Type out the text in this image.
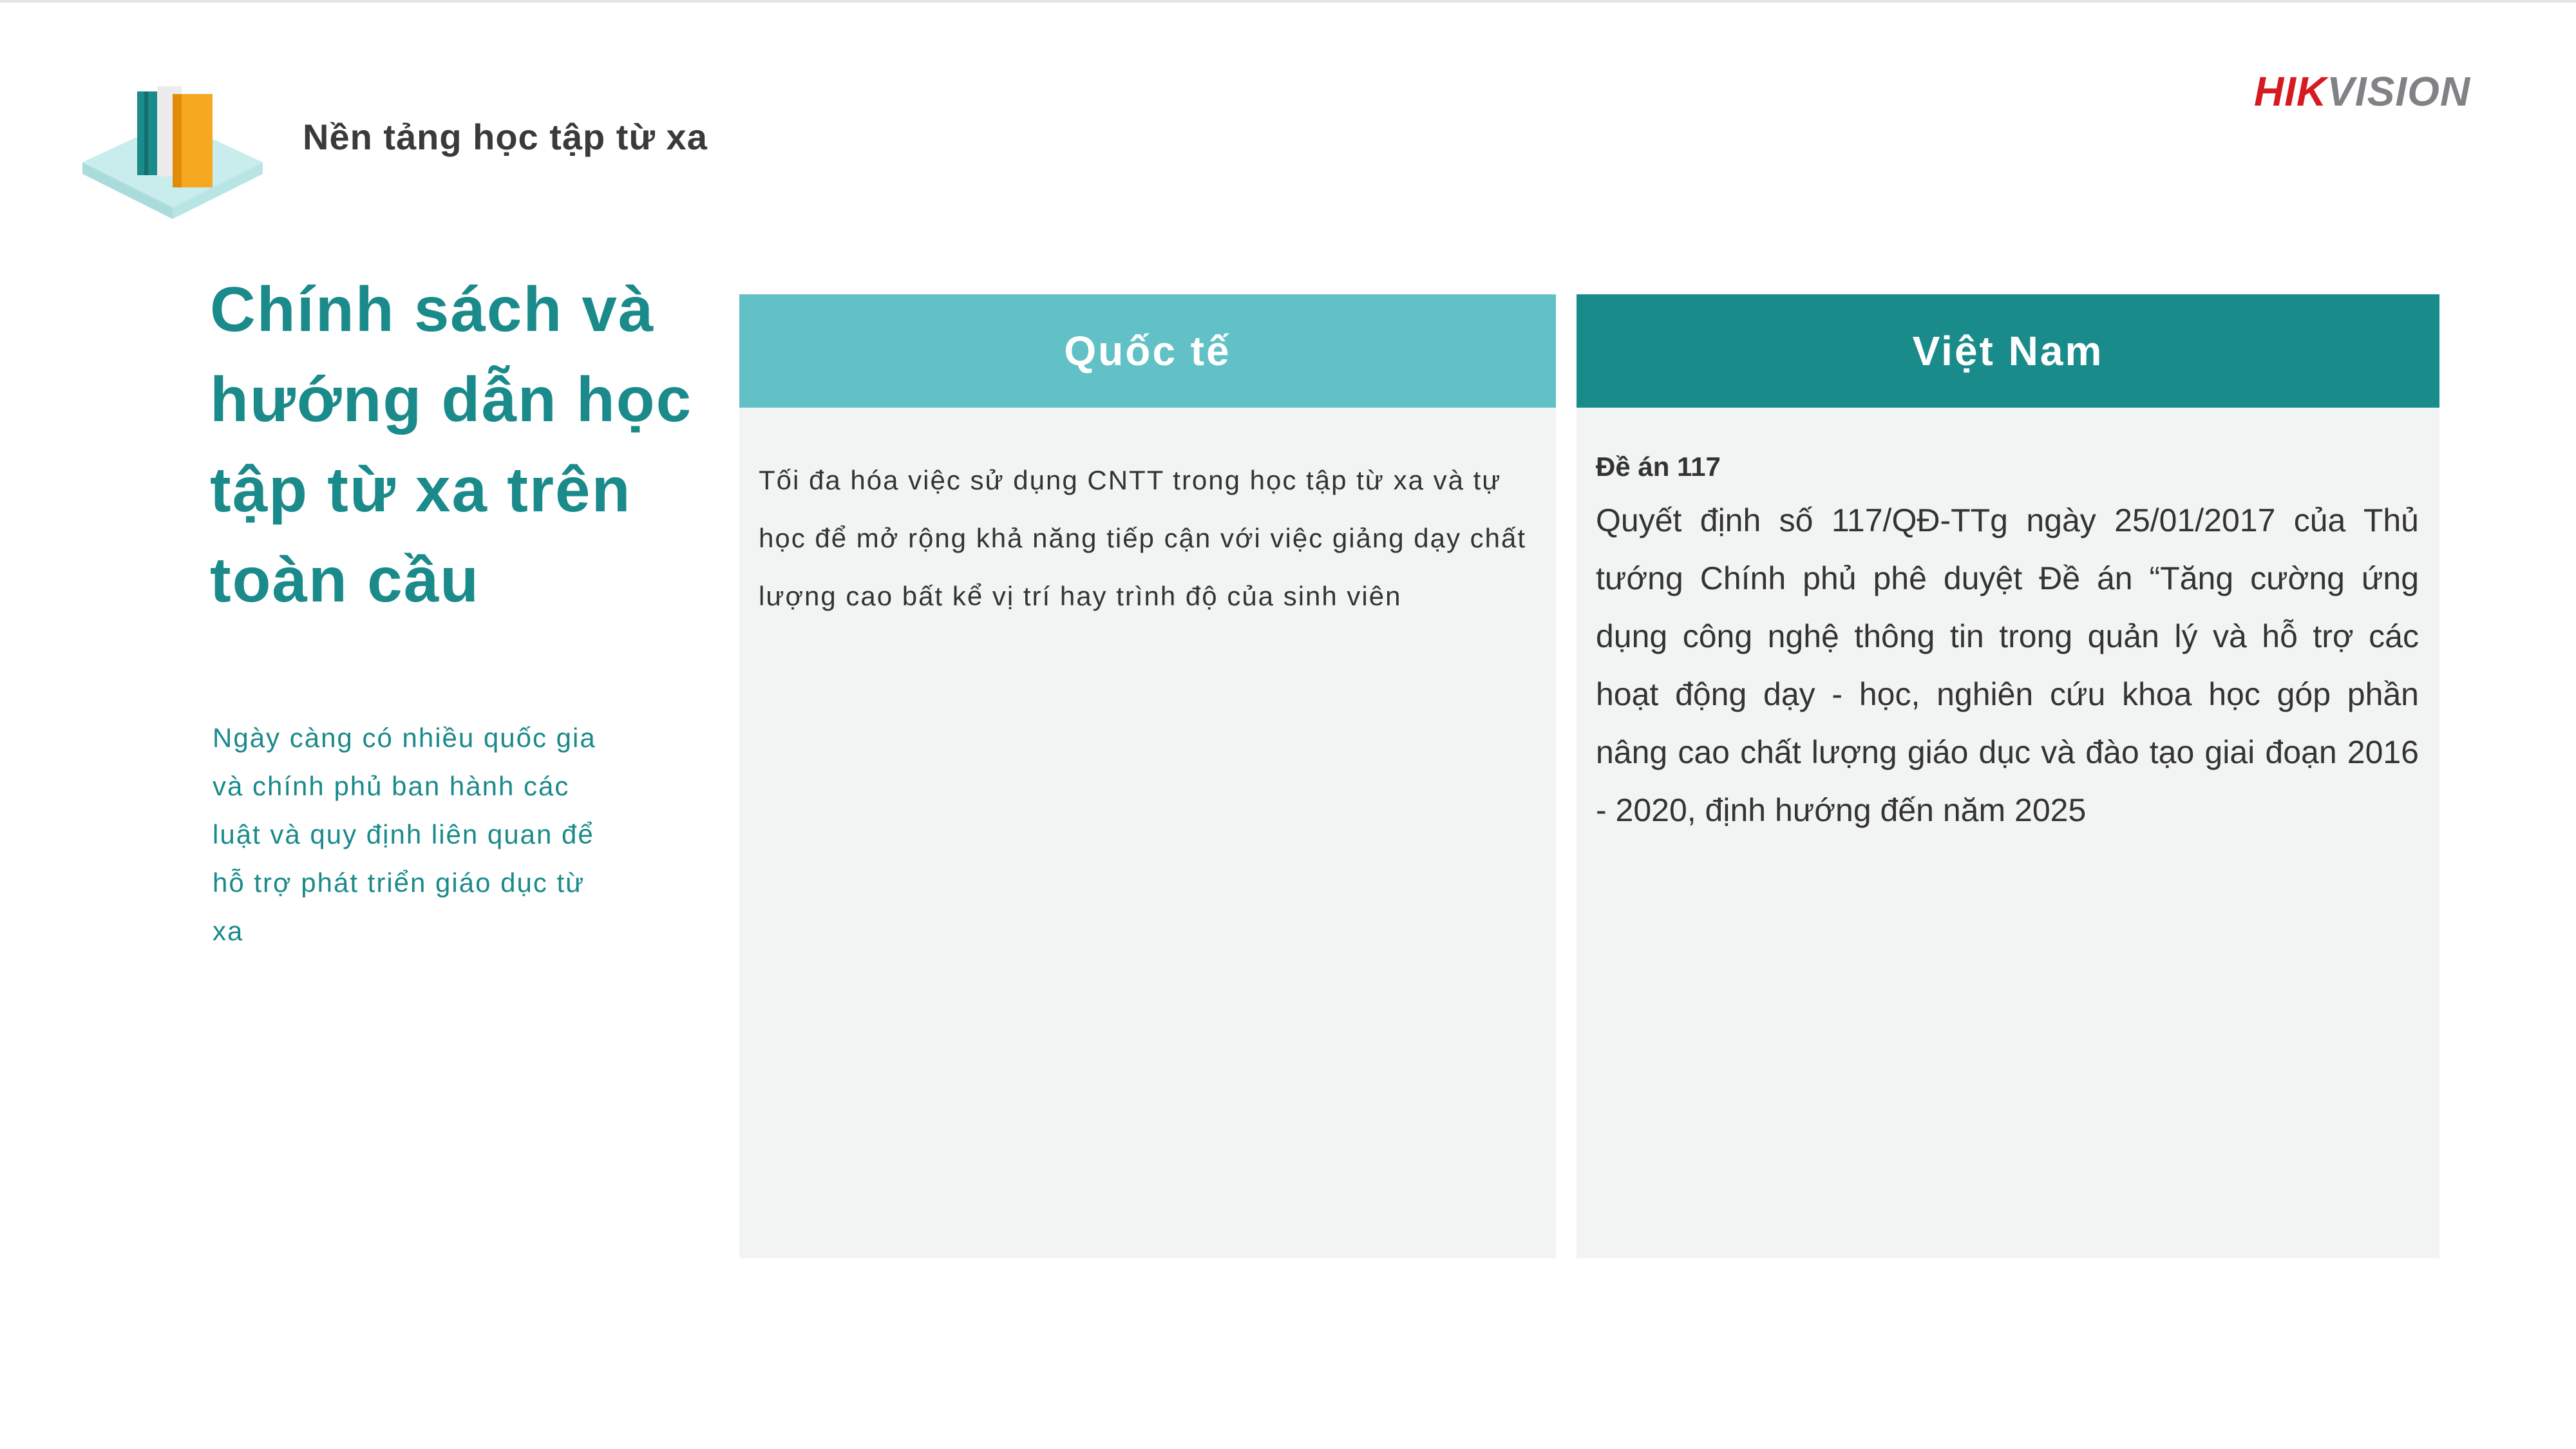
Nền tảng học tập từ xa
HIKVISION
Chính sách và hướng dẫn học tập từ xa trên toàn cầu
Ngày càng có nhiều quốc gia và chính phủ ban hành các luật và quy định liên quan để hỗ trợ phát triển giáo dục từ xa
Quốc tế
Tối đa hóa việc sử dụng CNTT trong học tập từ xa và tự học để mở rộng khả năng tiếp cận với việc giảng dạy chất lượng cao bất kể vị trí hay trình độ của sinh viên
Việt Nam
Đề án 117
Quyết định số 117/QĐ-TTg ngày 25/01/2017 của Thủ tướng Chính phủ phê duyệt Đề án “Tăng cường ứng dụng công nghệ thông tin trong quản lý và hỗ trợ các hoạt động dạy - học, nghiên cứu khoa học góp phần nâng cao chất lượng giáo dục và đào tạo giai đoạn 2016 - 2020, định hướng đến năm 2025
